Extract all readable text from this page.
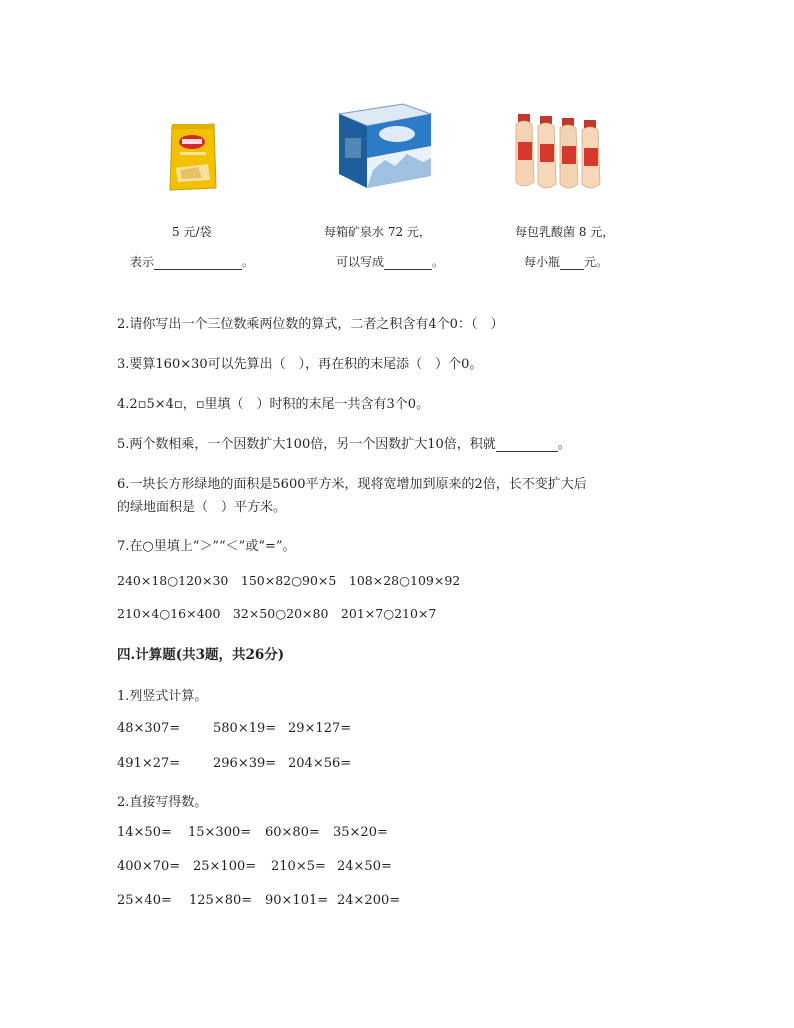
5 元/袋	每箱矿泉水 72 元，	每包乳酸菌 8 元，
表示	。	可以写成	。	每小瓶 元。
2.请你写出一个三位数乘两位数的算式，二者之积含有4个0：（　）
3.要算160×30可以先算出（　），再在积的末尾添（　）个0。
4.2▫5×4▫，▫里填（　）时积的末尾一共含有3个0。
5.两个数相乘，一个因数扩大100倍，另一个因数扩大10倍，积就	。
6.一块长方形绿地的面积是5600平方米，现将宽增加到原来的2倍，长不变扩大后
的绿地面积是（　）平方米。
7.在○里填上“＞”“＜”或“=”。
240×18○120×30　150×82○90×5　108×28○109×92
210×4○16×400　32×50○20×80　201×7○210×7
四.计算题(共3题，共26分)
1.列竖式计算。
48×307=	580×19= 29×127=
491×27=	296×39= 204×56=
2.直接写得数。
14×50= 15×300= 60×80= 35×20=
400×70= 25×100= 210×5= 24×50=
25×40= 125×80= 90×101= 24×200=
